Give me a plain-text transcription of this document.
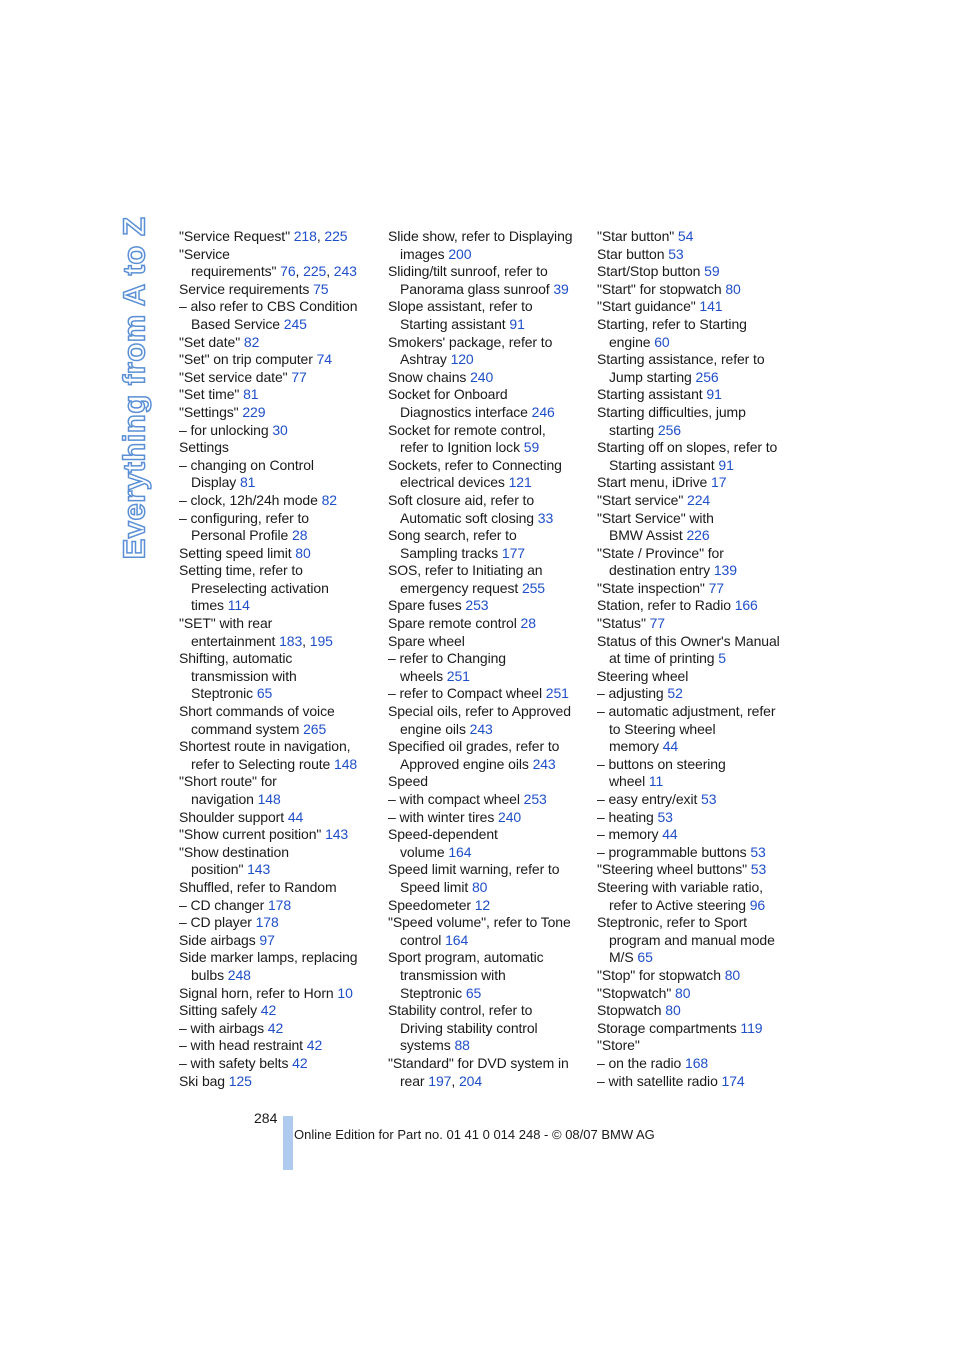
Everything from A to Z "Service Request" 218, 225
"Service
requirements" 76, 225, 243
Service requirements 75
– also refer to CBS Condition
Based Service 245
"Set date" 82
"Set" on trip computer 74
"Set service date" 77
"Set time" 81
"Settings" 229
– for unlocking 30
Settings
– changing on Control
Display 81
– clock, 12h/24h mode 82
– configuring, refer to
Personal Profile 28
Setting speed limit 80
Setting time, refer to
Preselecting activation
times 114
"SET" with rear
entertainment 183, 195
Shifting, automatic
transmission with
Steptronic 65
Short commands of voice
command system 265
Shortest route in navigation,
refer to Selecting route 148
"Short route" for
navigation 148
Shoulder support 44
"Show current position" 143
"Show destination
position" 143
Shuffled, refer to Random
– CD changer 178
– CD player 178
Side airbags 97
Side marker lamps, replacing
bulbs 248
Signal horn, refer to Horn 10
Sitting safely 42
– with airbags 42
– with head restraint 42
– with safety belts 42
Ski bag 125
Slide show, refer to Displaying
images 200
Sliding/tilt sunroof, refer to
Panorama glass sunroof 39
Slope assistant, refer to
Starting assistant 91
Smokers' package, refer to
Ashtray 120
Snow chains 240
Socket for Onboard
Diagnostics interface 246
Socket for remote control,
refer to Ignition lock 59
Sockets, refer to Connecting
electrical devices 121
Soft closure aid, refer to
Automatic soft closing 33
Song search, refer to
Sampling tracks 177
SOS, refer to Initiating an
emergency request 255
Spare fuses 253
Spare remote control 28
Spare wheel
– refer to Changing
wheels 251
– refer to Compact wheel 251
Special oils, refer to Approved
engine oils 243
Specified oil grades, refer to
Approved engine oils 243
Speed
– with compact wheel 253
– with winter tires 240
Speed-dependent
volume 164
Speed limit warning, refer to
Speed limit 80
Speedometer 12
"Speed volume", refer to Tone
control 164
Sport program, automatic
transmission with
Steptronic 65
Stability control, refer to
Driving stability control
systems 88
"Standard" for DVD system in
rear 197, 204
"Star button" 54
Star button 53
Start/Stop button 59
"Start" for stopwatch 80
"Start guidance" 141
Starting, refer to Starting
engine 60
Starting assistance, refer to
Jump starting 256
Starting assistant 91
Starting difficulties, jump
starting 256
Starting off on slopes, refer to
Starting assistant 91
Start menu, iDrive 17
"Start service" 224
"Start Service" with
BMW Assist 226
"State / Province" for
destination entry 139
"State inspection" 77
Station, refer to Radio 166
"Status" 77
Status of this Owner's Manual
at time of printing 5
Steering wheel
– adjusting 52
– automatic adjustment, refer
to Steering wheel
memory 44
– buttons on steering
wheel 11
– easy entry/exit 53
– heating 53
– memory 44
– programmable buttons 53
"Steering wheel buttons" 53
Steering with variable ratio,
refer to Active steering 96
Steptronic, refer to Sport
program and manual mode
M/S 65
"Stop" for stopwatch 80
"Stopwatch" 80
Stopwatch 80
Storage compartments 119
"Store"
– on the radio 168
– with satellite radio 174
284
Online Edition for Part no. 01 41 0 014 248 - © 08/07 BMW AG
